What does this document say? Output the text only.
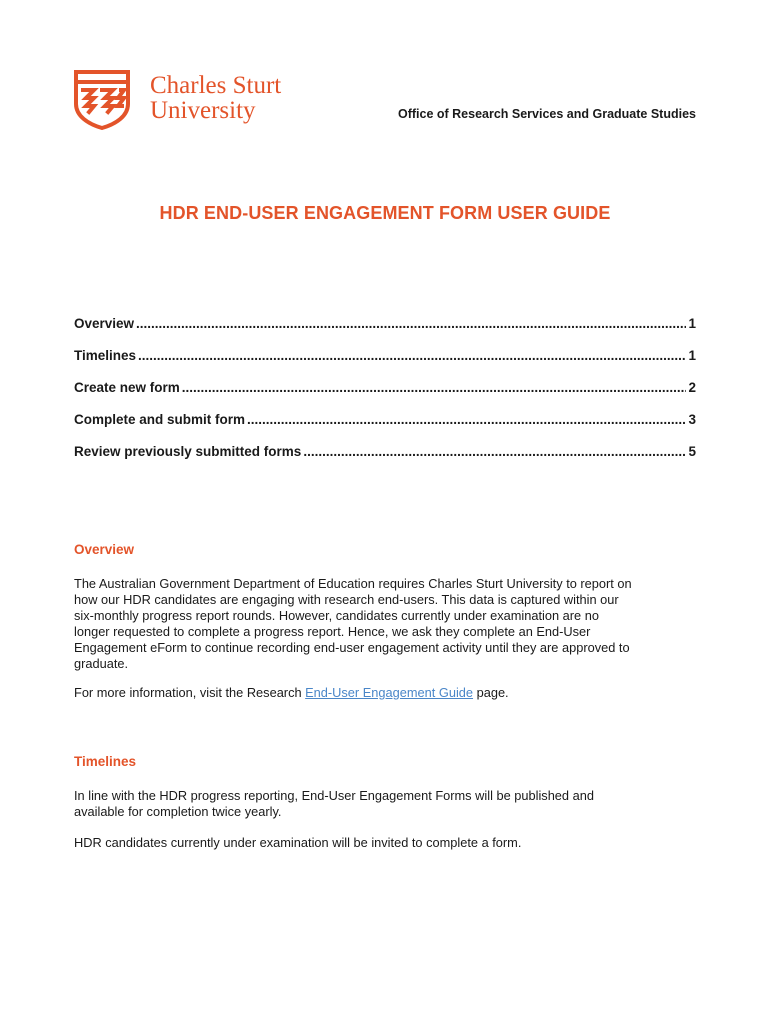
Charles Sturt
University	Office of Research Services and Graduate Studies
HDR END-USER ENGAGEMENT FORM USER GUIDE
Overview .....	1
Timelines .....	1
Create new form .....	2
Complete and submit form .....	3
Review previously submitted forms .....	5
Overview
The Australian Government Department of Education requires Charles Sturt University to report on
how our HDR candidates are engaging with research end-users. This data is captured within our
six-monthly progress report rounds. However, candidates currently under examination are no
longer requested to complete a progress report. Hence, we ask they complete an End-User
Engagement eForm to continue recording end-user engagement activity until they are approved to
graduate.
For more information, visit the Research End-User Engagement Guide page.
Timelines
In line with the HDR progress reporting, End-User Engagement Forms will be published and
available for completion twice yearly.
HDR candidates currently under examination will be invited to complete a form.
